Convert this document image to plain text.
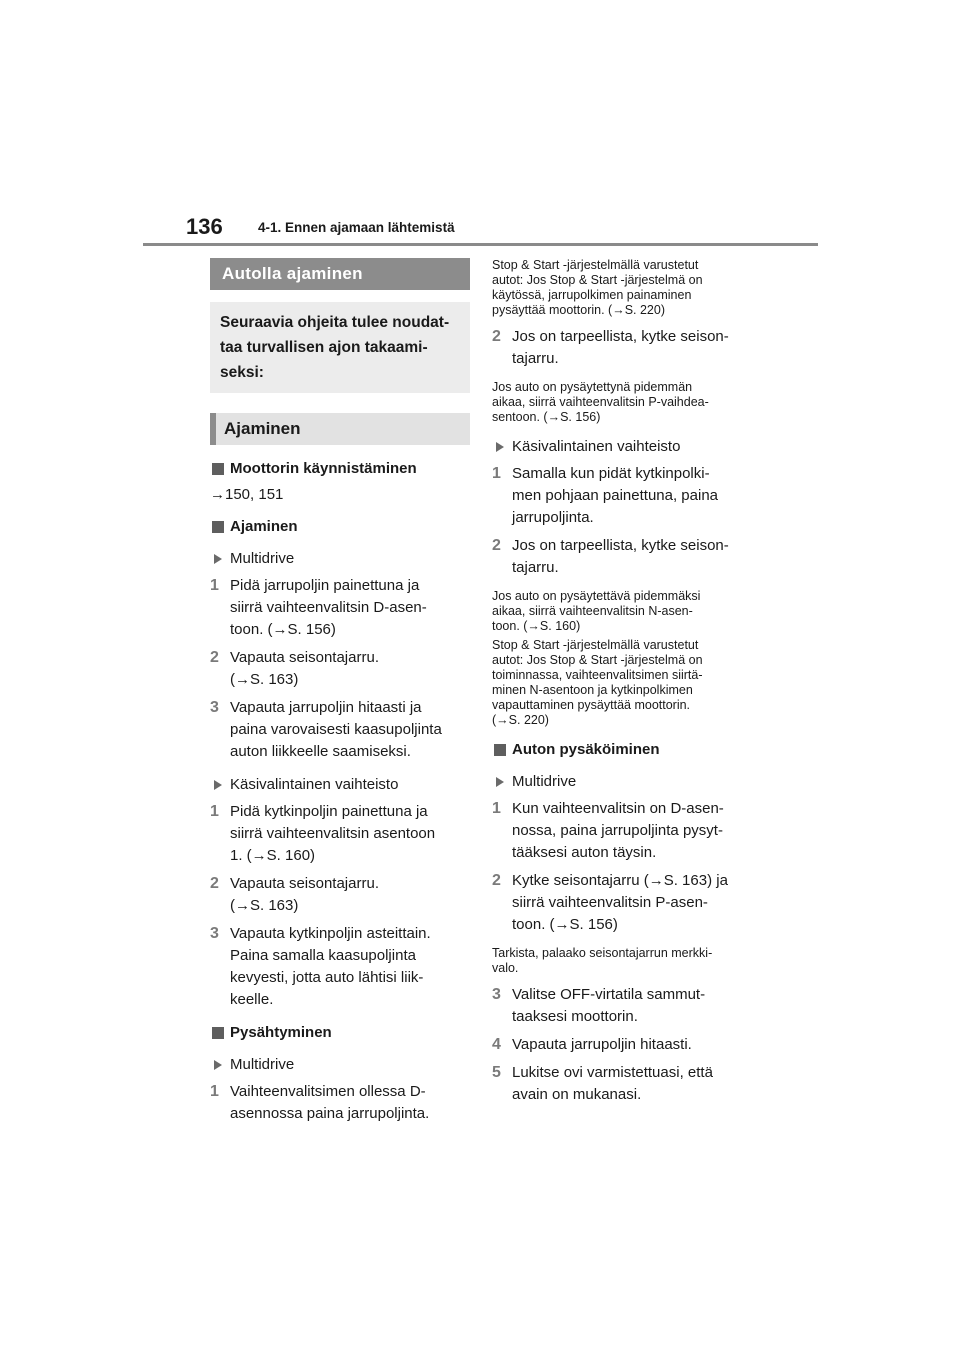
136	4-1. Ennen ajamaan lähtemistä
Autolla ajaminen
Seuraavia ohjeita tulee noudat-
taa turvallisen ajon takaami-
seksi:
Ajaminen
Moottorin käynnistäminen
→150, 151
Ajaminen
Multidrive
1 Pidä jarrupoljin painettuna ja
siirrä vaihteenvalitsin D-asen-
toon. (→S. 156)
2 Vapauta seisontajarru.
(→S. 163)
3 Vapauta jarrupoljin hitaasti ja
paina varovaisesti kaasupoljinta
auton liikkeelle saamiseksi.
Käsivalintainen vaihteisto
1 Pidä kytkinpoljin painettuna ja
siirrä vaihteenvalitsin asentoon
1. (→S. 160)
2 Vapauta seisontajarru.
(→S. 163)
3 Vapauta kytkinpoljin asteittain.
Paina samalla kaasupoljinta
kevyesti, jotta auto lähtisi liik-
keelle.
Pysähtyminen
Multidrive
1 Vaihteenvalitsimen ollessa D-
asennossa paina jarrupoljinta.
Stop & Start -järjestelmällä varustetut
autot: Jos Stop & Start -järjestelmä on
käytössä, jarrupolkimen painaminen
pysäyttää moottorin. (→S. 220)
2 Jos on tarpeellista, kytke seison-
tajarru.
Jos auto on pysäytettynä pidemmän
aikaa, siirrä vaihteenvalitsin P-vaihdea-
sentoon. (→S. 156)
Käsivalintainen vaihteisto
1 Samalla kun pidät kytkinpolki-
men pohjaan painettuna, paina
jarrupoljinta.
2 Jos on tarpeellista, kytke seison-
tajarru.
Jos auto on pysäytettävä pidemmäksi
aikaa, siirrä vaihteenvalitsin N-asen-
toon. (→S. 160)
Stop & Start -järjestelmällä varustetut
autot: Jos Stop & Start -järjestelmä on
toiminnassa, vaihteenvalitsimen siirtä-
minen N-asentoon ja kytkinpolkimen
vapauttaminen pysäyttää moottorin.
(→S. 220)
Auton pysäköiminen
Multidrive
1 Kun vaihteenvalitsin on D-asen-
nossa, paina jarrupoljinta pysyt-
tääksesi auton täysin.
2 Kytke seisontajarru (→S. 163) ja
siirrä vaihteenvalitsin P-asen-
toon. (→S. 156)
Tarkista, palaako seisontajarrun merkki-
valo.
3 Valitse OFF-virtatila sammut-
taaksesi moottorin.
4 Vapauta jarrupoljin hitaasti.
5 Lukitse ovi varmistettuasi, että
avain on mukanasi.
